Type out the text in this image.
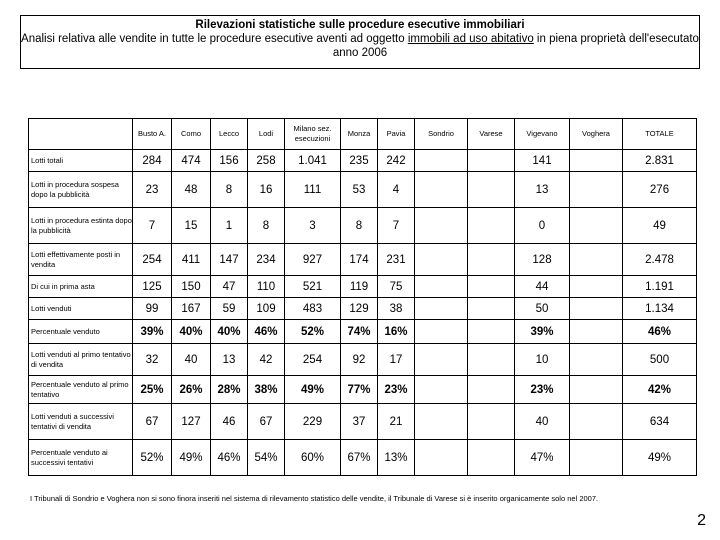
Rilevazioni statistiche sulle procedure esecutive immobiliari
Analisi relativa alle vendite in tutte le procedure esecutive aventi ad oggetto immobili ad uso abitativo in piena proprietà dell'esecutato anno 2006
	Busto A.	Como	Lecco	Lodi	Milano sez. esecuzioni	Monza	Pavia	Sondrio	Varese	Vigevano	Voghera	TOTALE
Lotti totali	284	474	156	258	1.041	235	242			141		2.831
Lotti in procedura sospesa dopo la pubblicità	23	48	8	16	111	53	4			13		276
Lotti in procedura estinta dopo la pubblicità	7	15	1	8	3	8	7			0		49
Lotti effettivamente posti in vendita	254	411	147	234	927	174	231			128		2.478
Di cui in prima asta	125	150	47	110	521	119	75			44		1.191
Lotti venduti	99	167	59	109	483	129	38			50		1.134
Percentuale venduto	39%	40%	40%	46%	52%	74%	16%			39%		46%
Lotti venduti al primo tentativo di vendita	32	40	13	42	254	92	17			10		500
Percentuale venduto al primo tentativo	25%	26%	28%	38%	49%	77%	23%			23%		42%
Lotti venduti a successivi tentativi di vendita	67	127	46	67	229	37	21			40		634
Percentuale venduto ai successivi tentativi	52%	49%	46%	54%	60%	67%	13%			47%		49%
I Tribunali di Sondrio e Voghera non si sono finora inseriti nel sistema di rilevamento statistico delle vendite, il Tribunale di Varese si è inserito organicamente solo nel 2007.
2
